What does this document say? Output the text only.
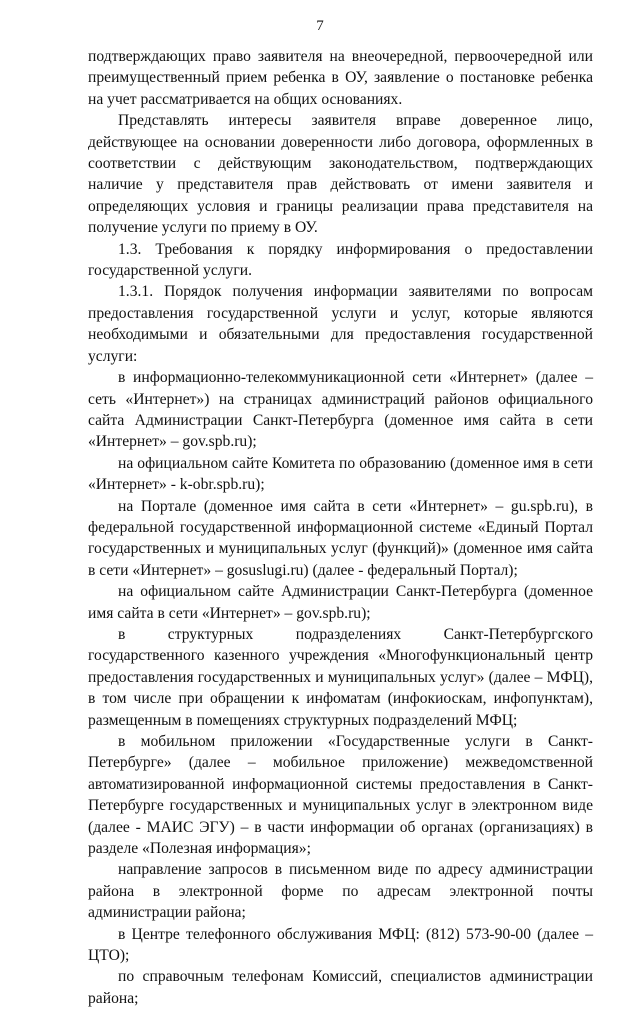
7

подтверждающих право заявителя на внеочередной, первоочередной или преимущественный прием ребенка в ОУ, заявление о постановке ребенка на учет рассматривается на общих основаниях.

Представлять интересы заявителя вправе доверенное лицо, действующее на основании доверенности либо договора, оформленных в соответствии с действующим законодательством, подтверждающих наличие у представителя прав действовать от имени заявителя и определяющих условия и границы реализации права представителя на получение услуги по приему в ОУ.

1.3. Требования к порядку информирования о предоставлении государственной услуги.

1.3.1. Порядок получения информации заявителями по вопросам предоставления государственной услуги и услуг, которые являются необходимыми и обязательными для предоставления государственной услуги:

в информационно-телекоммуникационной сети «Интернет» (далее – сеть «Интернет») на страницах администраций районов официального сайта Администрации Санкт-Петербурга (доменное имя сайта в сети «Интернет» – gov.spb.ru);

на официальном сайте Комитета по образованию (доменное имя в сети «Интернет» - k-obr.spb.ru);

на Портале (доменное имя сайта в сети «Интернет» – gu.spb.ru), в федеральной государственной информационной системе «Единый Портал государственных и муниципальных услуг (функций)» (доменное имя сайта в сети «Интернет» – gosuslugi.ru) (далее - федеральный Портал);

на официальном сайте Администрации Санкт-Петербурга (доменное имя сайта в сети «Интернет» – gov.spb.ru);

в структурных подразделениях Санкт-Петербургского государственного казенного учреждения «Многофункциональный центр предоставления государственных и муниципальных услуг» (далее – МФЦ), в том числе при обращении к инфоматам (инфокиоскам, инфопунктам), размещенным в помещениях структурных подразделений МФЦ;

в мобильном приложении «Государственные услуги в Санкт-Петербурге» (далее – мобильное приложение) межведомственной автоматизированной информационной системы предоставления в Санкт-Петербурге государственных и муниципальных услуг в электронном виде (далее - МАИС ЭГУ) – в части информации об органах (организациях) в разделе «Полезная информация»;

направление запросов в письменном виде по адресу администрации района в электронной форме по адресам электронной почты администрации района;

в Центре телефонного обслуживания МФЦ: (812) 573-90-00 (далее – ЦТО);

по справочным телефонам Комиссий, специалистов администрации района;
